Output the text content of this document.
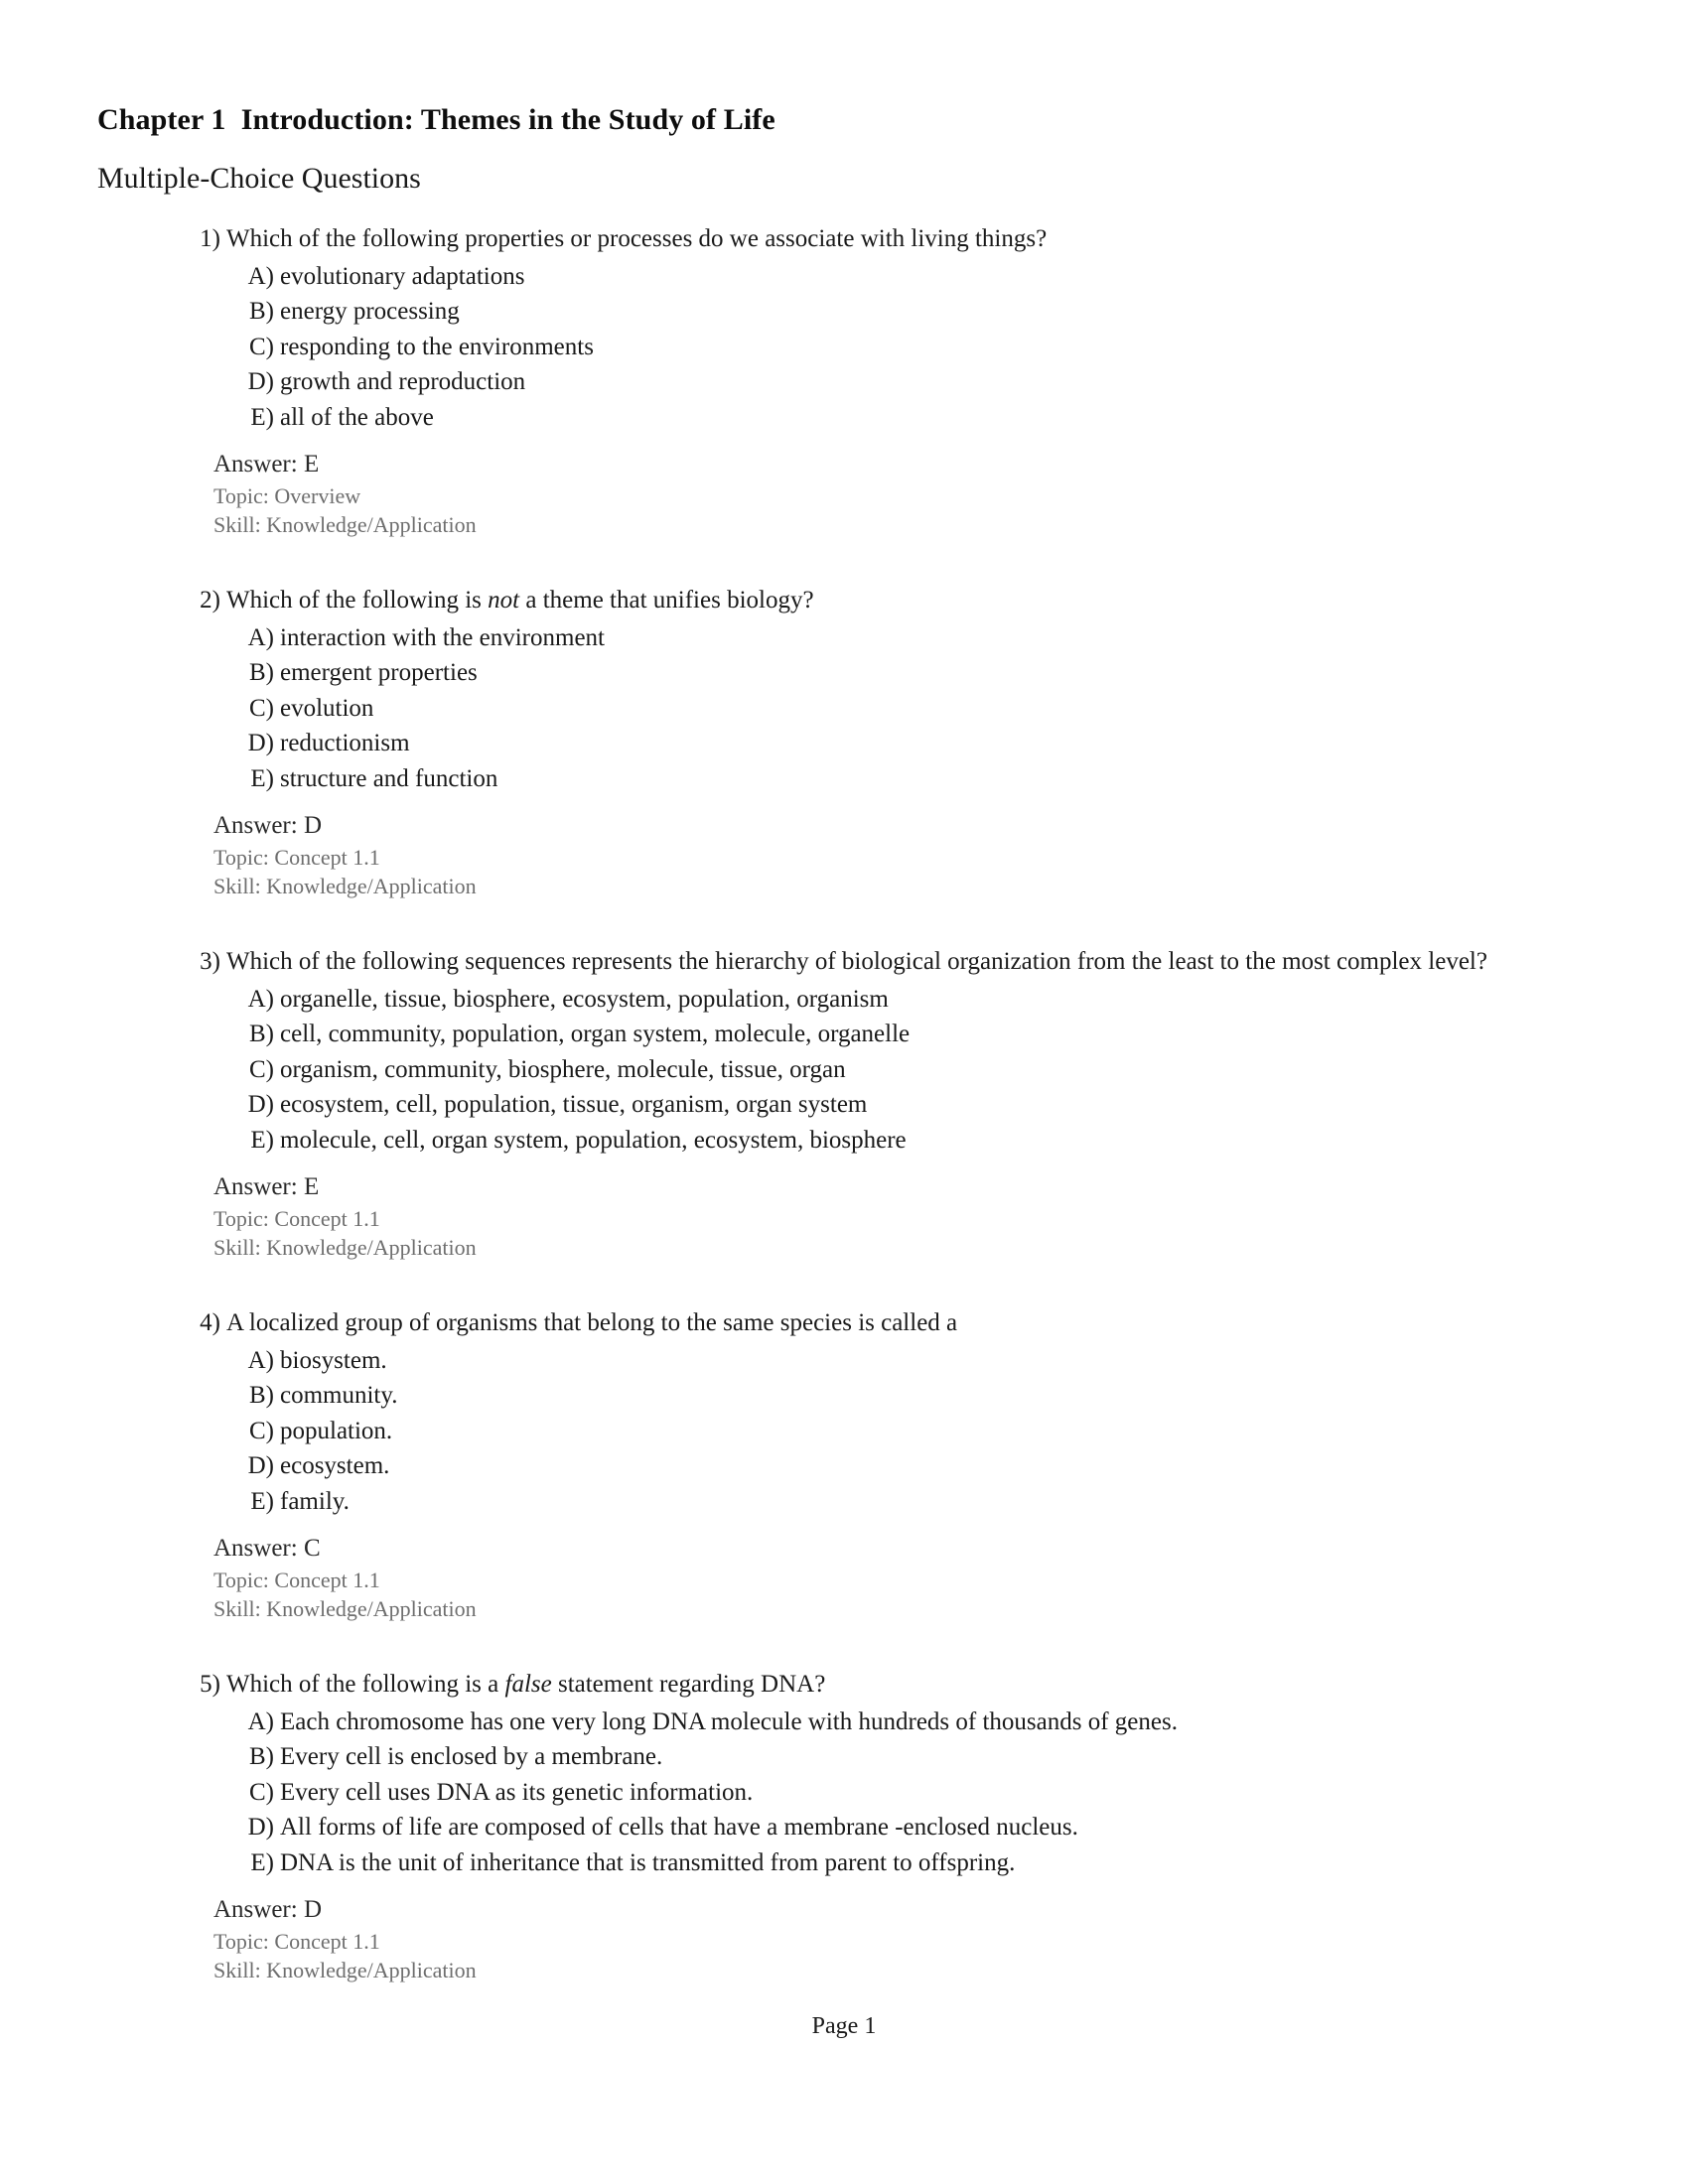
Chapter 1  Introduction: Themes in the Study of Life
Multiple-Choice Questions
1) Which of the following properties or processes do we associate with living things?
A) evolutionary adaptations
B) energy processing
C) responding to the environments
D) growth and reproduction
E) all of the above
Answer: E
Topic: Overview
Skill: Knowledge/Application
2) Which of the following is not a theme that unifies biology?
A) interaction with the environment
B) emergent properties
C) evolution
D) reductionism
E) structure and function
Answer: D
Topic: Concept 1.1
Skill: Knowledge/Application
3) Which of the following sequences represents the hierarchy of biological organization from the least to the most complex level?
A) organelle, tissue, biosphere, ecosystem, population, organism
B) cell, community, population, organ system, molecule, organelle
C) organism, community, biosphere, molecule, tissue, organ
D) ecosystem, cell, population, tissue, organism, organ system
E) molecule, cell, organ system, population, ecosystem, biosphere
Answer: E
Topic: Concept 1.1
Skill: Knowledge/Application
4) A localized group of organisms that belong to the same species is called a
A) biosystem.
B) community.
C) population.
D) ecosystem.
E) family.
Answer: C
Topic: Concept 1.1
Skill: Knowledge/Application
5) Which of the following is a false statement regarding DNA?
A) Each chromosome has one very long DNA molecule with hundreds of thousands of genes.
B) Every cell is enclosed by a membrane.
C) Every cell uses DNA as its genetic information.
D) All forms of life are composed of cells that have a membrane -enclosed nucleus.
E) DNA is the unit of inheritance that is transmitted from parent to offspring.
Answer: D
Topic: Concept 1.1
Skill: Knowledge/Application
Page 1
